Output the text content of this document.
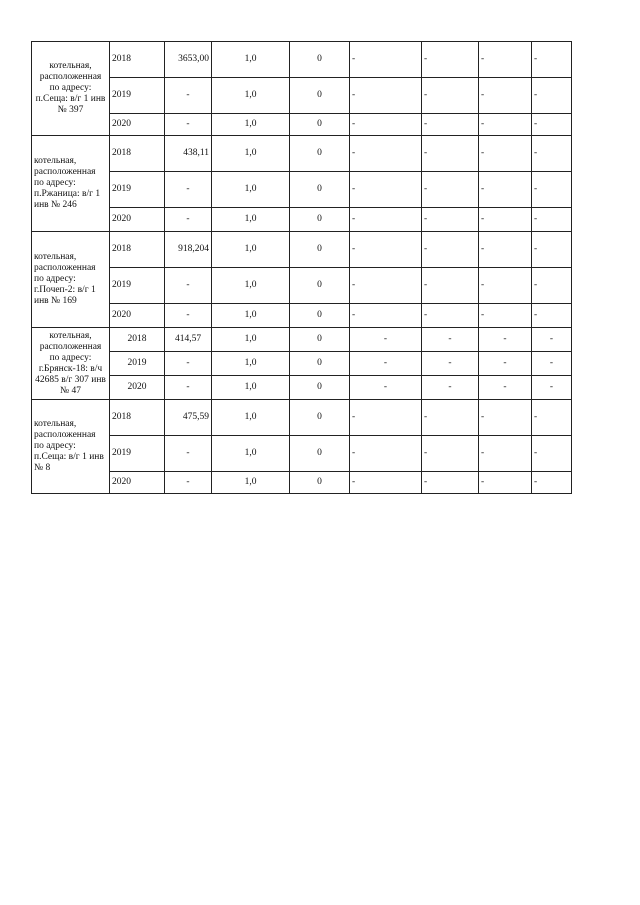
котельная, расположенная по адресу: п.Сеща: в/г 1 инв № 397	2018	3653,00	1,0	0	-	-	-	-
	2019	-	1,0	0	-	-	-	-
	2020	-	1,0	0	-	-	-	-
котельная, расположенная по адресу: п.Ржаница: в/г 1 инв № 246	2018	438,11	1,0	0	-	-	-	-
	2019	-	1,0	0	-	-	-	-
	2020	-	1,0	0	-	-	-	-
котельная, расположенная по адресу: г.Почеп-2: в/г 1 инв № 169	2018	918,204	1,0	0	-	-	-	-
	2019	-	1,0	0	-	-	-	-
	2020	-	1,0	0	-	-	-	-
котельная, расположенная по адресу: г.Брянск-18: в/ч 42685 в/г 307 инв № 47	2018	414,57	1,0	0	-	-	-	-
	2019	-	1,0	0	-	-	-	-
	2020	-	1,0	0	-	-	-	-
котельная, расположенная по адресу: п.Сеща: в/г 1 инв № 8	2018	475,59	1,0	0	-	-	-	-
	2019	-	1,0	0	-	-	-	-
	2020	-	1,0	0	-	-	-	-
